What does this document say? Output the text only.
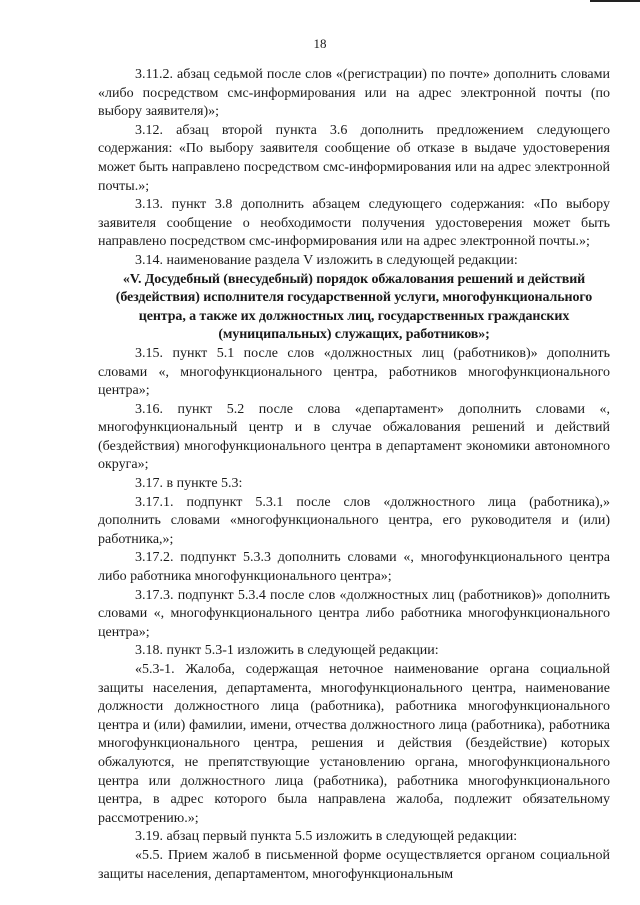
18

3.11.2. абзац седьмой после слов «(регистрации) по почте» дополнить словами «либо посредством смс-информирования или на адрес электронной почты (по выбору заявителя)»;

3.12. абзац второй пункта 3.6 дополнить предложением следующего содержания: «По выбору заявителя сообщение об отказе в выдаче удостоверения может быть направлено посредством смс-информирования или на адрес электронной почты.»;

3.13. пункт 3.8 дополнить абзацем следующего содержания: «По выбору заявителя сообщение о необходимости получения удостоверения может быть направлено посредством смс-информирования или на адрес электронной почты.»;

3.14. наименование раздела V изложить в следующей редакции:

«V. Досудебный (внесудебный) порядок обжалования решений и действий (бездействия) исполнителя государственной услуги, многофункционального центра, а также их должностных лиц, государственных гражданских (муниципальных) служащих, работников»;

3.15. пункт 5.1 после слов «должностных лиц (работников)» дополнить словами «, многофункционального центра, работников многофункционального центра»;

3.16. пункт 5.2 после слова «департамент» дополнить словами «, многофункциональный центр и в случае обжалования решений и действий (бездействия) многофункционального центра в департамент экономики автономного округа»;

3.17. в пункте 5.3:

3.17.1. подпункт 5.3.1 после слов «должностного лица (работника),» дополнить словами «многофункционального центра, его руководителя и (или) работника,»;

3.17.2. подпункт 5.3.3 дополнить словами «, многофункционального центра либо работника многофункционального центра»;

3.17.3. подпункт 5.3.4 после слов «должностных лиц (работников)» дополнить словами «, многофункционального центра либо работника многофункционального центра»;

3.18. пункт 5.3-1 изложить в следующей редакции:

«5.3-1. Жалоба, содержащая неточное наименование органа социальной защиты населения, департамента, многофункционального центра, наименование должности должностного лица (работника), работника многофункционального центра и (или) фамилии, имени, отчества должностного лица (работника), работника многофункционального центра, решения и действия (бездействие) которых обжалуются, не препятствующие установлению органа, многофункционального центра или должностного лица (работника), работника многофункционального центра, в адрес которого была направлена жалоба, подлежит обязательному рассмотрению.»;

3.19. абзац первый пункта 5.5 изложить в следующей редакции:

«5.5. Прием жалоб в письменной форме осуществляется органом социальной защиты населения, департаментом, многофункциональным
